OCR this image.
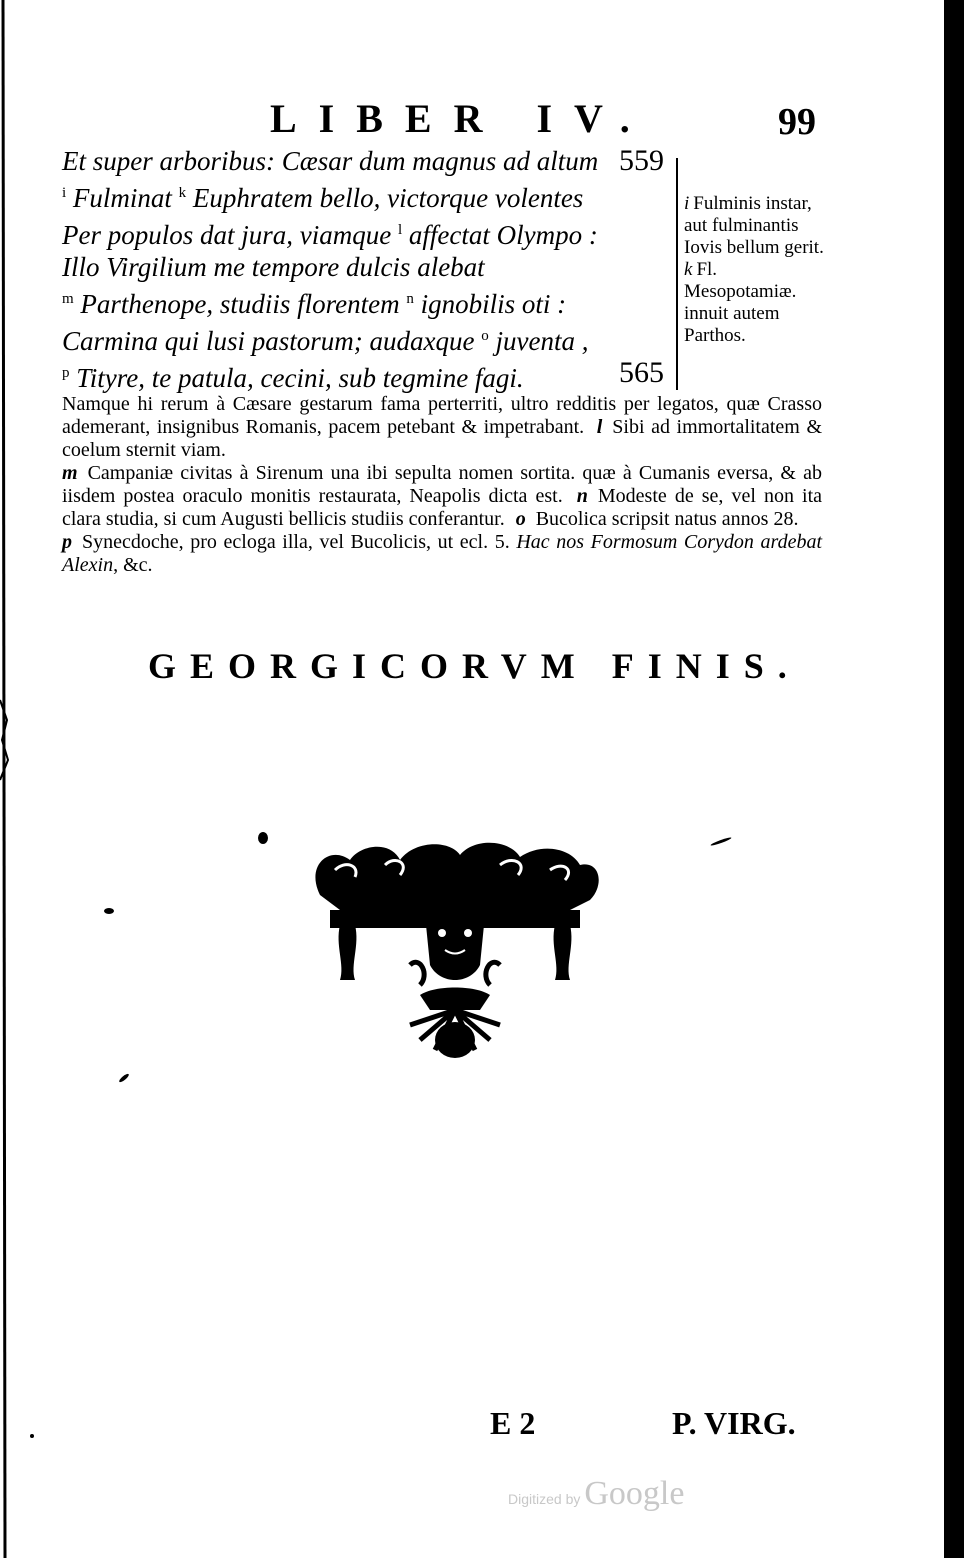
LIBER IV.	99
Et super arboribus: Cæsar dum magnus ad altum 559
$^i$ Fulminat $^k$ Euphratem bello, victorque volentes
Per populos dat jura, viamque $^l$ affectat Olympo :
Illo Virgilium me tempore dulcis alebat
$^m$ Parthenope, studiis florentem $^n$ ignobilis oti :
Carmina qui lusi pastorum; audaxque $^o$ juventa ,
$^p$ Tityre, te patula, cecini, sub tegmine fagi.	565
i Fulminis instar, aut fulminantis Iovis bellum gerit.
k Fl. Mesopotamiæ. innuit autem Parthos.
Namque hi rerum à Cæsare gestarum fama perterriti, ultro redditis per legatos, quæ Crasso ademerant, insignibus Romanis, pacem petebant & impetrabant. l Sibi ad immortalitatem & coelum sternit viam.
m Campaniæ civitas à Sirenum una ibi sepulta nomen sortita. quæ à Cumanis eversa, & ab iisdem postea oraculo monitis restaurata, Neapolis dicta est. n Modeste de se, vel non ita clara studia, si cum Augusti bellicis studiis conferantur. o Bucolica scripsit natus annos 28.
p Synecdoche, pro ecloga illa, vel Bucolicis, ut ecl. 5. Hac nos Formosum Corydon ardebat Alexin, &c.
GEORGICORVM FINIS.
E 2	P. VIRG.
Digitized by Google
